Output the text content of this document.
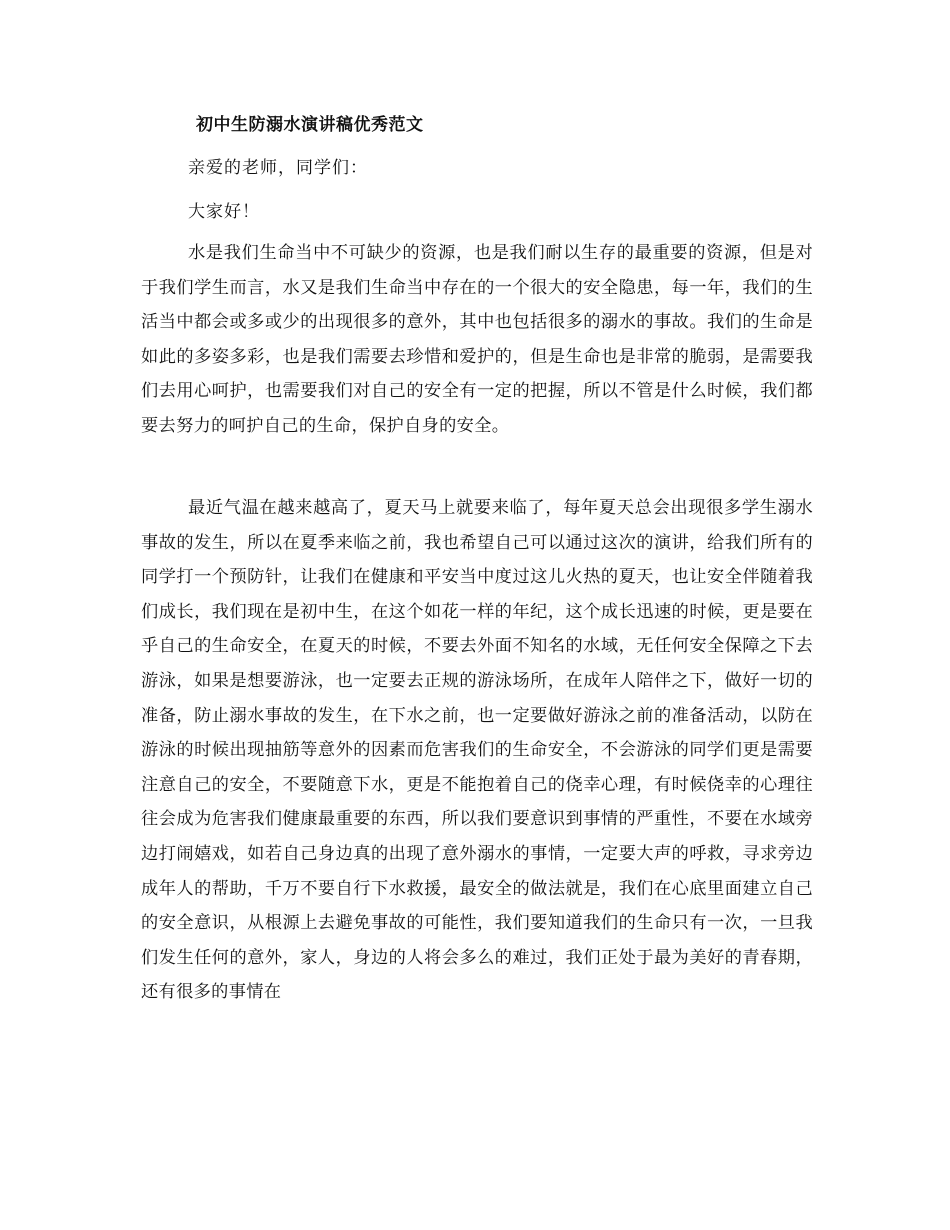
初中生防溺水演讲稿优秀范文
亲爱的老师，同学们：
大家好！

水是我们生命当中不可缺少的资源，也是我们耐以生存的最重要的资源，但是对于我们学生而言，水又是我们生命当中存在的一个很大的安全隐患，每一年，我们的生活当中都会或多或少的出现很多的意外，其中也包括很多的溺水的事故。我们的生命是如此的多姿多彩，也是我们需要去珍惜和爱护的，但是生命也是非常的脆弱，是需要我们去用心呵护，也需要我们对自己的安全有一定的把握，所以不管是什么时候，我们都要去努力的呵护自己的生命，保护自身的安全。

最近气温在越来越高了，夏天马上就要来临了，每年夏天总会出现很多学生溺水事故的发生，所以在夏季来临之前，我也希望自己可以通过这次的演讲，给我们所有的同学打一个预防针，让我们在健康和平安当中度过这儿火热的夏天，也让安全伴随着我们成长，我们现在是初中生，在这个如花一样的年纪，这个成长迅速的时候，更是要在乎自己的生命安全，在夏天的时候，不要去外面不知名的水域，无任何安全保障之下去游泳，如果是想要游泳，也一定要去正规的游泳场所，在成年人陪伴之下，做好一切的准备，防止溺水事故的发生，在下水之前，也一定要做好游泳之前的准备活动，以防在游泳的时候出现抽筋等意外的因素而危害我们的生命安全，不会游泳的同学们更是需要注意自己的安全，不要随意下水，更是不能抱着自己的侥幸心理，有时候侥幸的心理往往会成为危害我们健康最重要的东西，所以我们要意识到事情的严重性，不要在水域旁边打闹嬉戏，如若自己身边真的出现了意外溺水的事情，一定要大声的呼救，寻求旁边成年人的帮助，千万不要自行下水救援，最安全的做法就是，我们在心底里面建立自己的安全意识，从根源上去避免事故的可能性，我们要知道我们的生命只有一次，一旦我们发生任何的意外，家人，身边的人将会多么的难过，我们正处于最为美好的青春期，还有很多的事情在
